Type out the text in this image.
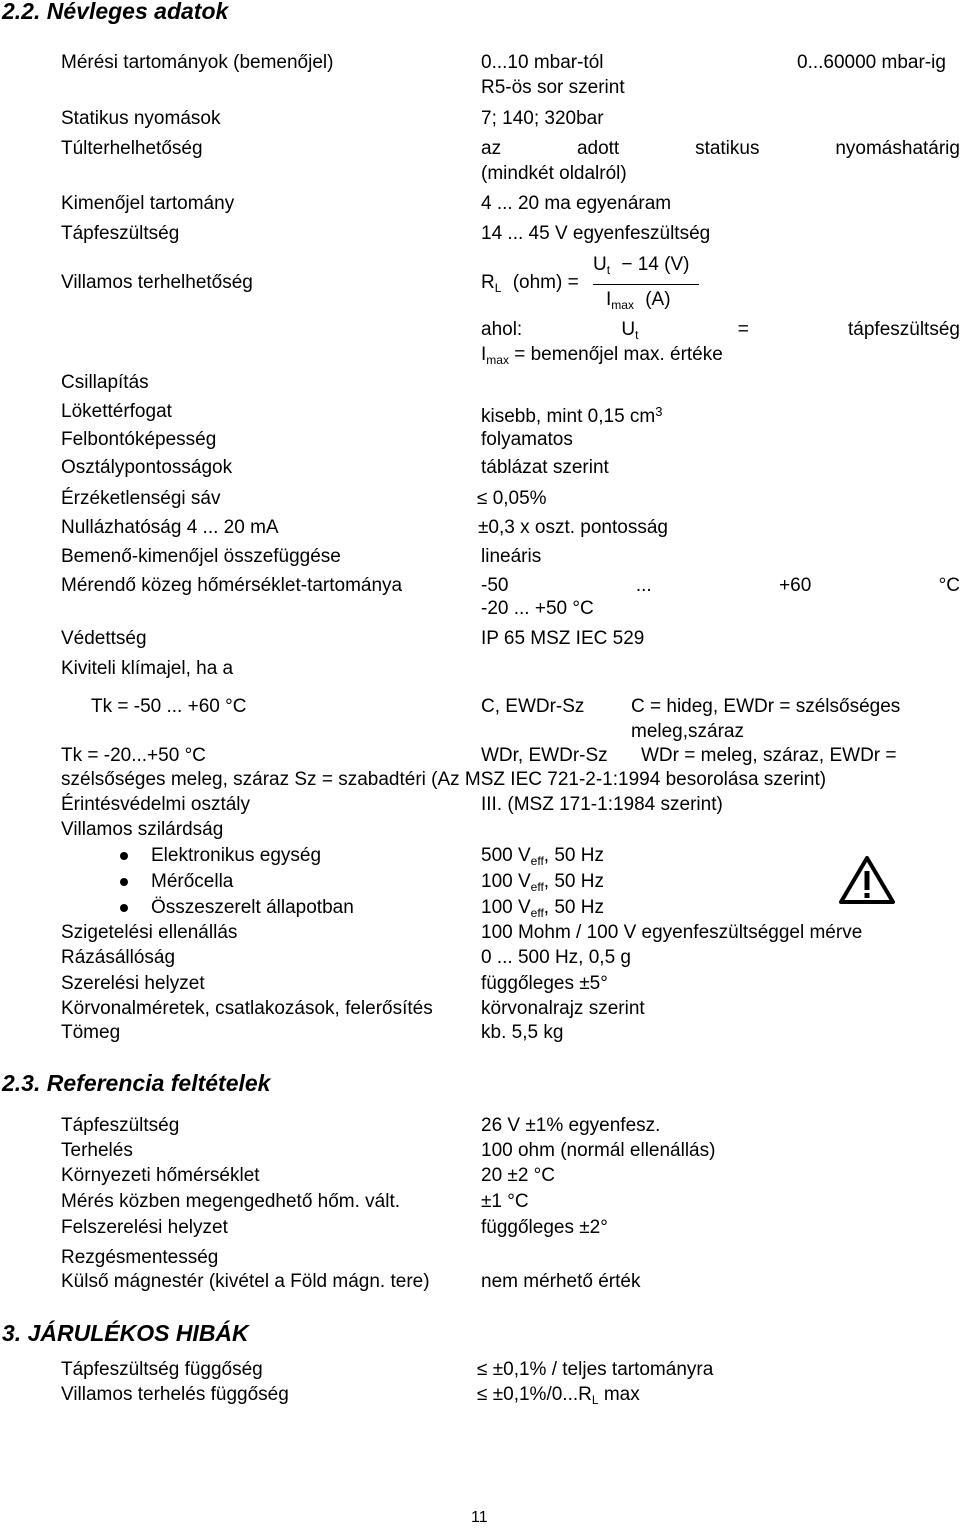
2.2. Névleges adatok
Mérési tartományok (bemenőjel)	0...10 mbar-tól	0...60000 mbar-ig
R5-ös sor szerint
Statikus nyomások	7; 140; 320bar
Túlterhelhetőség	az	adott	statikus	nyomáshatárig
(mindkét oldalról)
Kimenőjel tartomány	4 ... 20 ma egyenáram
Tápfeszültség	14 ... 45 V egyenfeszültség
Villamos terhelhetőség	$R_L$ (ohm) =
$U_t - 14$ (V)
$I_{max}$ (A)
ahol:	$U_t$	=	tápfeszültség
$I_{max}$ = bemenőjel max. értéke
Csillapítás
Lökettérfogat	kisebb, mint 0,15 $cm^3$
Felbontóképesség	folyamatos
Osztálypontosságok	táblázat szerint
Érzéketlenségi sáv	≤ 0,05%
Nullázhatóság 4 ... 20 mA	±0,3 x oszt. pontosság
Bemenő-kimenőjel összefüggése	lineáris
Mérendő közeg hőmérséklet-tartománya	-50	...	+60	°C
-20 ... +50 °C
Védettség	IP 65 MSZ IEC 529
Kiviteli klímajel, ha a
Tk = -50 ... +60 °C	C, EWDr-Sz C = hideg, EWDr = szélsőséges
meleg,száraz
Tk = -20...+50 °C	WDr, EWDr-Sz WDr = meleg, száraz, EWDr =
szélsőséges meleg, száraz Sz = szabadtéri (Az MSZ IEC 721-2-1:1994 besorolása szerint)
Érintésvédelmi osztály	III. (MSZ 171-1:1984 szerint)
Villamos szilárdság
Elektronikus egység	500 $V_{eff}$, 50 Hz
Mérőcella	100 $V_{eff}$, 50 Hz
Összeszerelt állapotban	100 $V_{eff}$, 50 Hz
Szigetelési ellenállás	100 Mohm / 100 V egyenfeszültséggel mérve
Rázásállóság	0 ... 500 Hz, 0,5 g
Szerelési helyzet	függőleges ±5°
Körvonalméretek, csatlakozások, felerősítés	körvonalrajz szerint
Tömeg	kb. 5,5 kg
2.3. Referencia feltételek
Tápfeszültség	26 V ±1% egyenfesz.
Terhelés	100 ohm (normál ellenállás)
Környezeti hőmérséklet	20 ±2 °C
Mérés közben megengedhető hőm. vált.	±1 °C
Felszerelési helyzet	függőleges ±2°
Rezgésmentesség
Külső mágnestér (kivétel a Föld mágn. tere)	nem mérhető érték
3. JÁRULÉKOS HIBÁK
Tápfeszültség függőség	≤ ±0,1% / teljes tartományra
Villamos terhelés függőség	≤ $\pm 0,1\%/0...R_L$ max
11
